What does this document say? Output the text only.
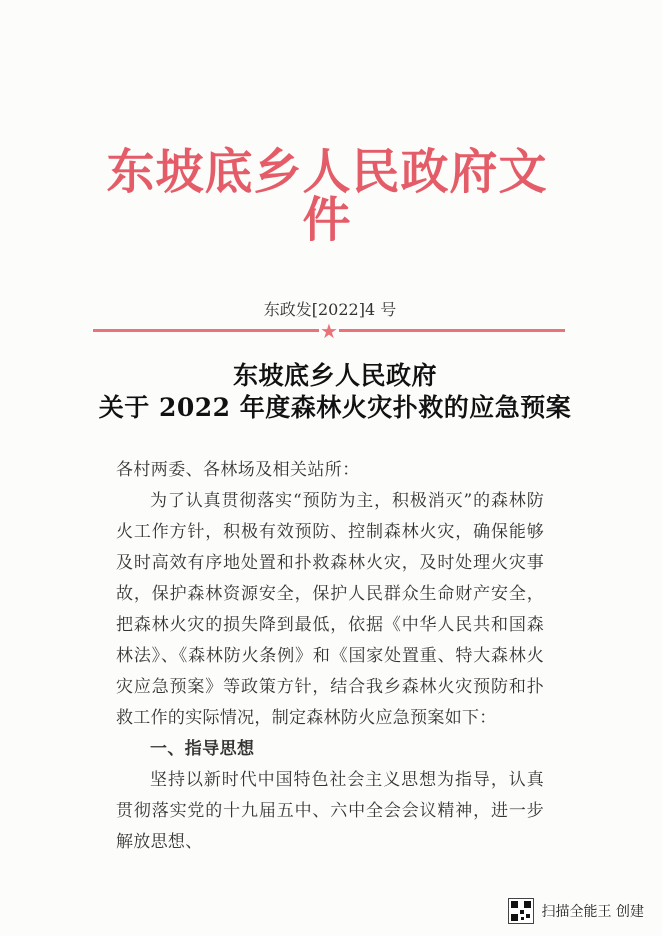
东坡底乡人民政府文件
东政发[2022]4 号
★
东坡底乡人民政府
关于 2022 年度森林火灾扑救的应急预案

各村两委、各林场及相关站所：

为了认真贯彻落实“预防为主，积极消灭”的森林防火工作方针，积极有效预防、控制森林火灾，确保能够及时高效有序地处置和扑救森林火灾，及时处理火灾事故，保护森林资源安全，保护人民群众生命财产安全，把森林火灾的损失降到最低，依据《中华人民共和国森林法》、《森林防火条例》和《国家处置重、特大森林火灾应急预案》等政策方针，结合我乡森林火灾预防和扑救工作的实际情况，制定森林防火应急预案如下：

一、指导思想

坚持以新时代中国特色社会主义思想为指导，认真贯彻落实党的十九届五中、六中全会会议精神，进一步解放思想、

扫描全能王 创建
